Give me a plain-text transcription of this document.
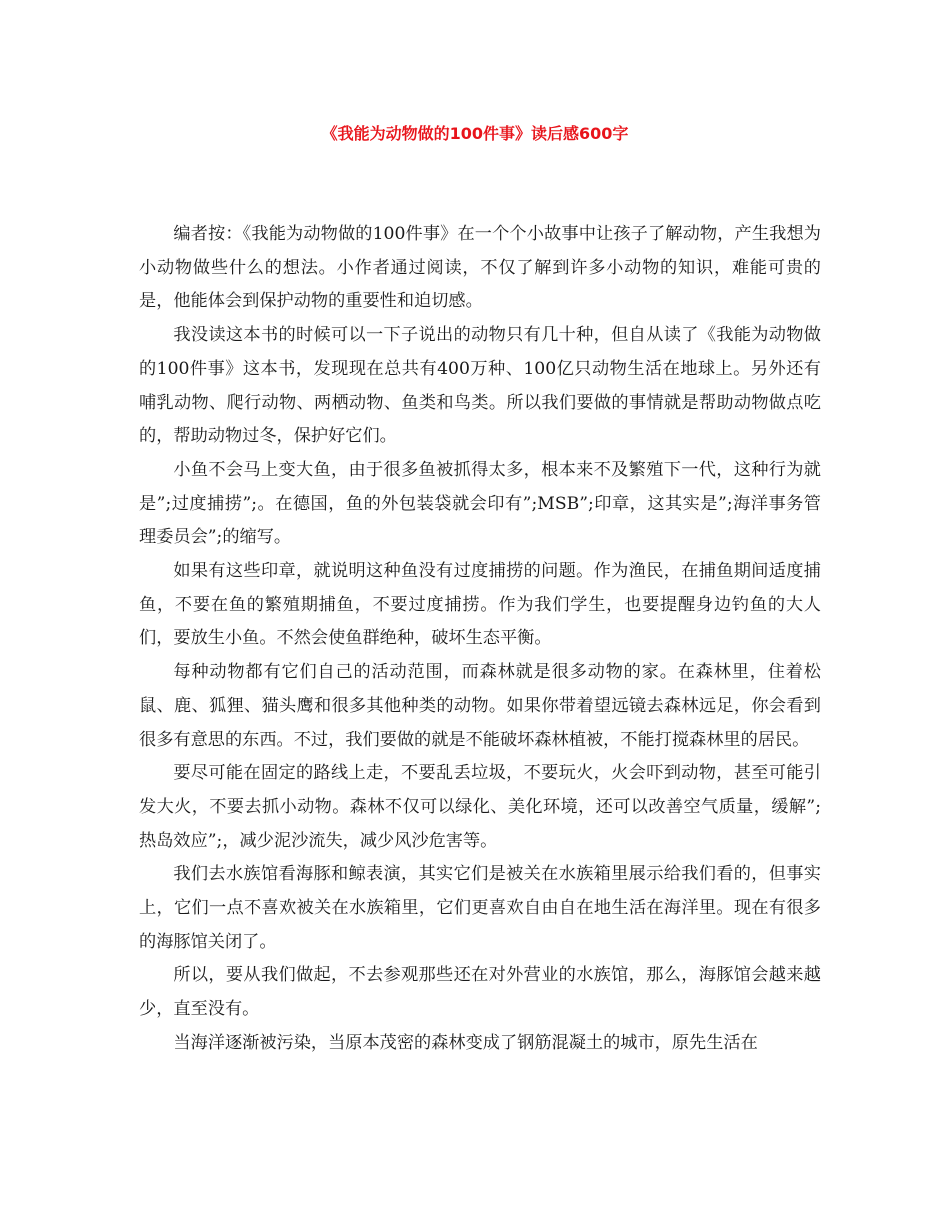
《我能为动物做的100件事》读后感600字

编者按：《我能为动物做的100件事》在一个个小故事中让孩子了解动物，产生我想为小动物做些什么的想法。小作者通过阅读，不仅了解到许多小动物的知识，难能可贵的是，他能体会到保护动物的重要性和迫切感。

我没读这本书的时候可以一下子说出的动物只有几十种，但自从读了《我能为动物做的100件事》这本书，发现现在总共有400万种、100亿只动物生活在地球上。另外还有哺乳动物、爬行动物、两栖动物、鱼类和鸟类。所以我们要做的事情就是帮助动物做点吃的，帮助动物过冬，保护好它们。

小鱼不会马上变大鱼，由于很多鱼被抓得太多，根本来不及繁殖下一代，这种行为就是”;过度捕捞”;。在德国，鱼的外包装袋就会印有”;MSB”;印章，这其实是”;海洋事务管理委员会”;的缩写。

如果有这些印章，就说明这种鱼没有过度捕捞的问题。作为渔民，在捕鱼期间适度捕鱼，不要在鱼的繁殖期捕鱼，不要过度捕捞。作为我们学生，也要提醒身边钓鱼的大人们，要放生小鱼。不然会使鱼群绝种，破坏生态平衡。

每种动物都有它们自己的活动范围，而森林就是很多动物的家。在森林里，住着松鼠、鹿、狐狸、猫头鹰和很多其他种类的动物。如果你带着望远镜去森林远足，你会看到很多有意思的东西。不过，我们要做的就是不能破坏森林植被，不能打搅森林里的居民。

要尽可能在固定的路线上走，不要乱丢垃圾，不要玩火，火会吓到动物，甚至可能引发大火，不要去抓小动物。森林不仅可以绿化、美化环境，还可以改善空气质量，缓解”;热岛效应”;，减少泥沙流失，减少风沙危害等。

我们去水族馆看海豚和鲸表演，其实它们是被关在水族箱里展示给我们看的，但事实上，它们一点不喜欢被关在水族箱里，它们更喜欢自由自在地生活在海洋里。现在有很多的海豚馆关闭了。

所以，要从我们做起，不去参观那些还在对外营业的水族馆，那么，海豚馆会越来越少，直至没有。

当海洋逐渐被污染，当原本茂密的森林变成了钢筋混凝土的城市，原先生活在
